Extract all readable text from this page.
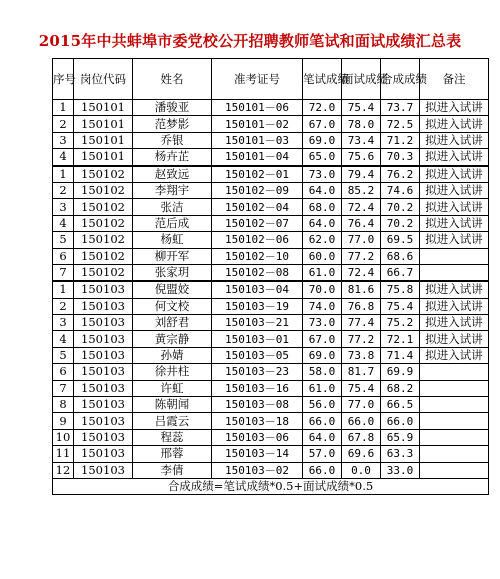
2015年中共蚌埠市委党校公开招聘教师笔试和面试成绩汇总表
序号	岗位代码	姓名	准考证号	笔试成绩	面试成绩	合成成绩	备注
1	150101	潘骏亚	150101－06	72.0	75.4	73.7	拟进入试讲
2	150101	范梦影	150101－02	67.0	78.0	72.5	拟进入试讲
3	150101	乔银	150101－03	69.0	73.4	71.2	拟进入试讲
4	150101	杨卉芷	150101－04	65.0	75.6	70.3	拟进入试讲
1	150102	赵致远	150102－01	73.0	79.4	76.2	拟进入试讲
2	150102	李翔宇	150102－09	64.0	85.2	74.6	拟进入试讲
3	150102	张洁	150102－04	68.0	72.4	70.2	拟进入试讲
4	150102	范后成	150102－07	64.0	76.4	70.2	拟进入试讲
5	150102	杨虹	150102－06	62.0	77.0	69.5	拟进入试讲
6	150102	柳开军	150102－10	60.0	77.2	68.6	
7	150102	张家玥	150102－08	61.0	72.4	66.7	
1	150103	倪盟姣	150103－04	70.0	81.6	75.8	拟进入试讲
2	150103	何文校	150103－19	74.0	76.8	75.4	拟进入试讲
3	150103	刘舒君	150103－21	73.0	77.4	75.2	拟进入试讲
4	150103	黄宗静	150103－01	67.0	77.2	72.1	拟进入试讲
5	150103	孙婧	150103－05	69.0	73.8	71.4	拟进入试讲
6	150103	徐井柱	150103－23	58.0	81.7	69.9	
7	150103	许虹	150103－16	61.0	75.4	68.2	
8	150103	陈朝闻	150103－08	56.0	77.0	66.5	
9	150103	吕霞云	150103－18	66.0	66.0	66.0	
10	150103	程蕊	150103－06	64.0	67.8	65.9	
11	150103	邢蓉	150103－14	57.0	69.6	63.3	
12	150103	李倩	150103－02	66.0	0.0	33.0	
合成成绩=笔试成绩*0.5+面试成绩*0.5							
